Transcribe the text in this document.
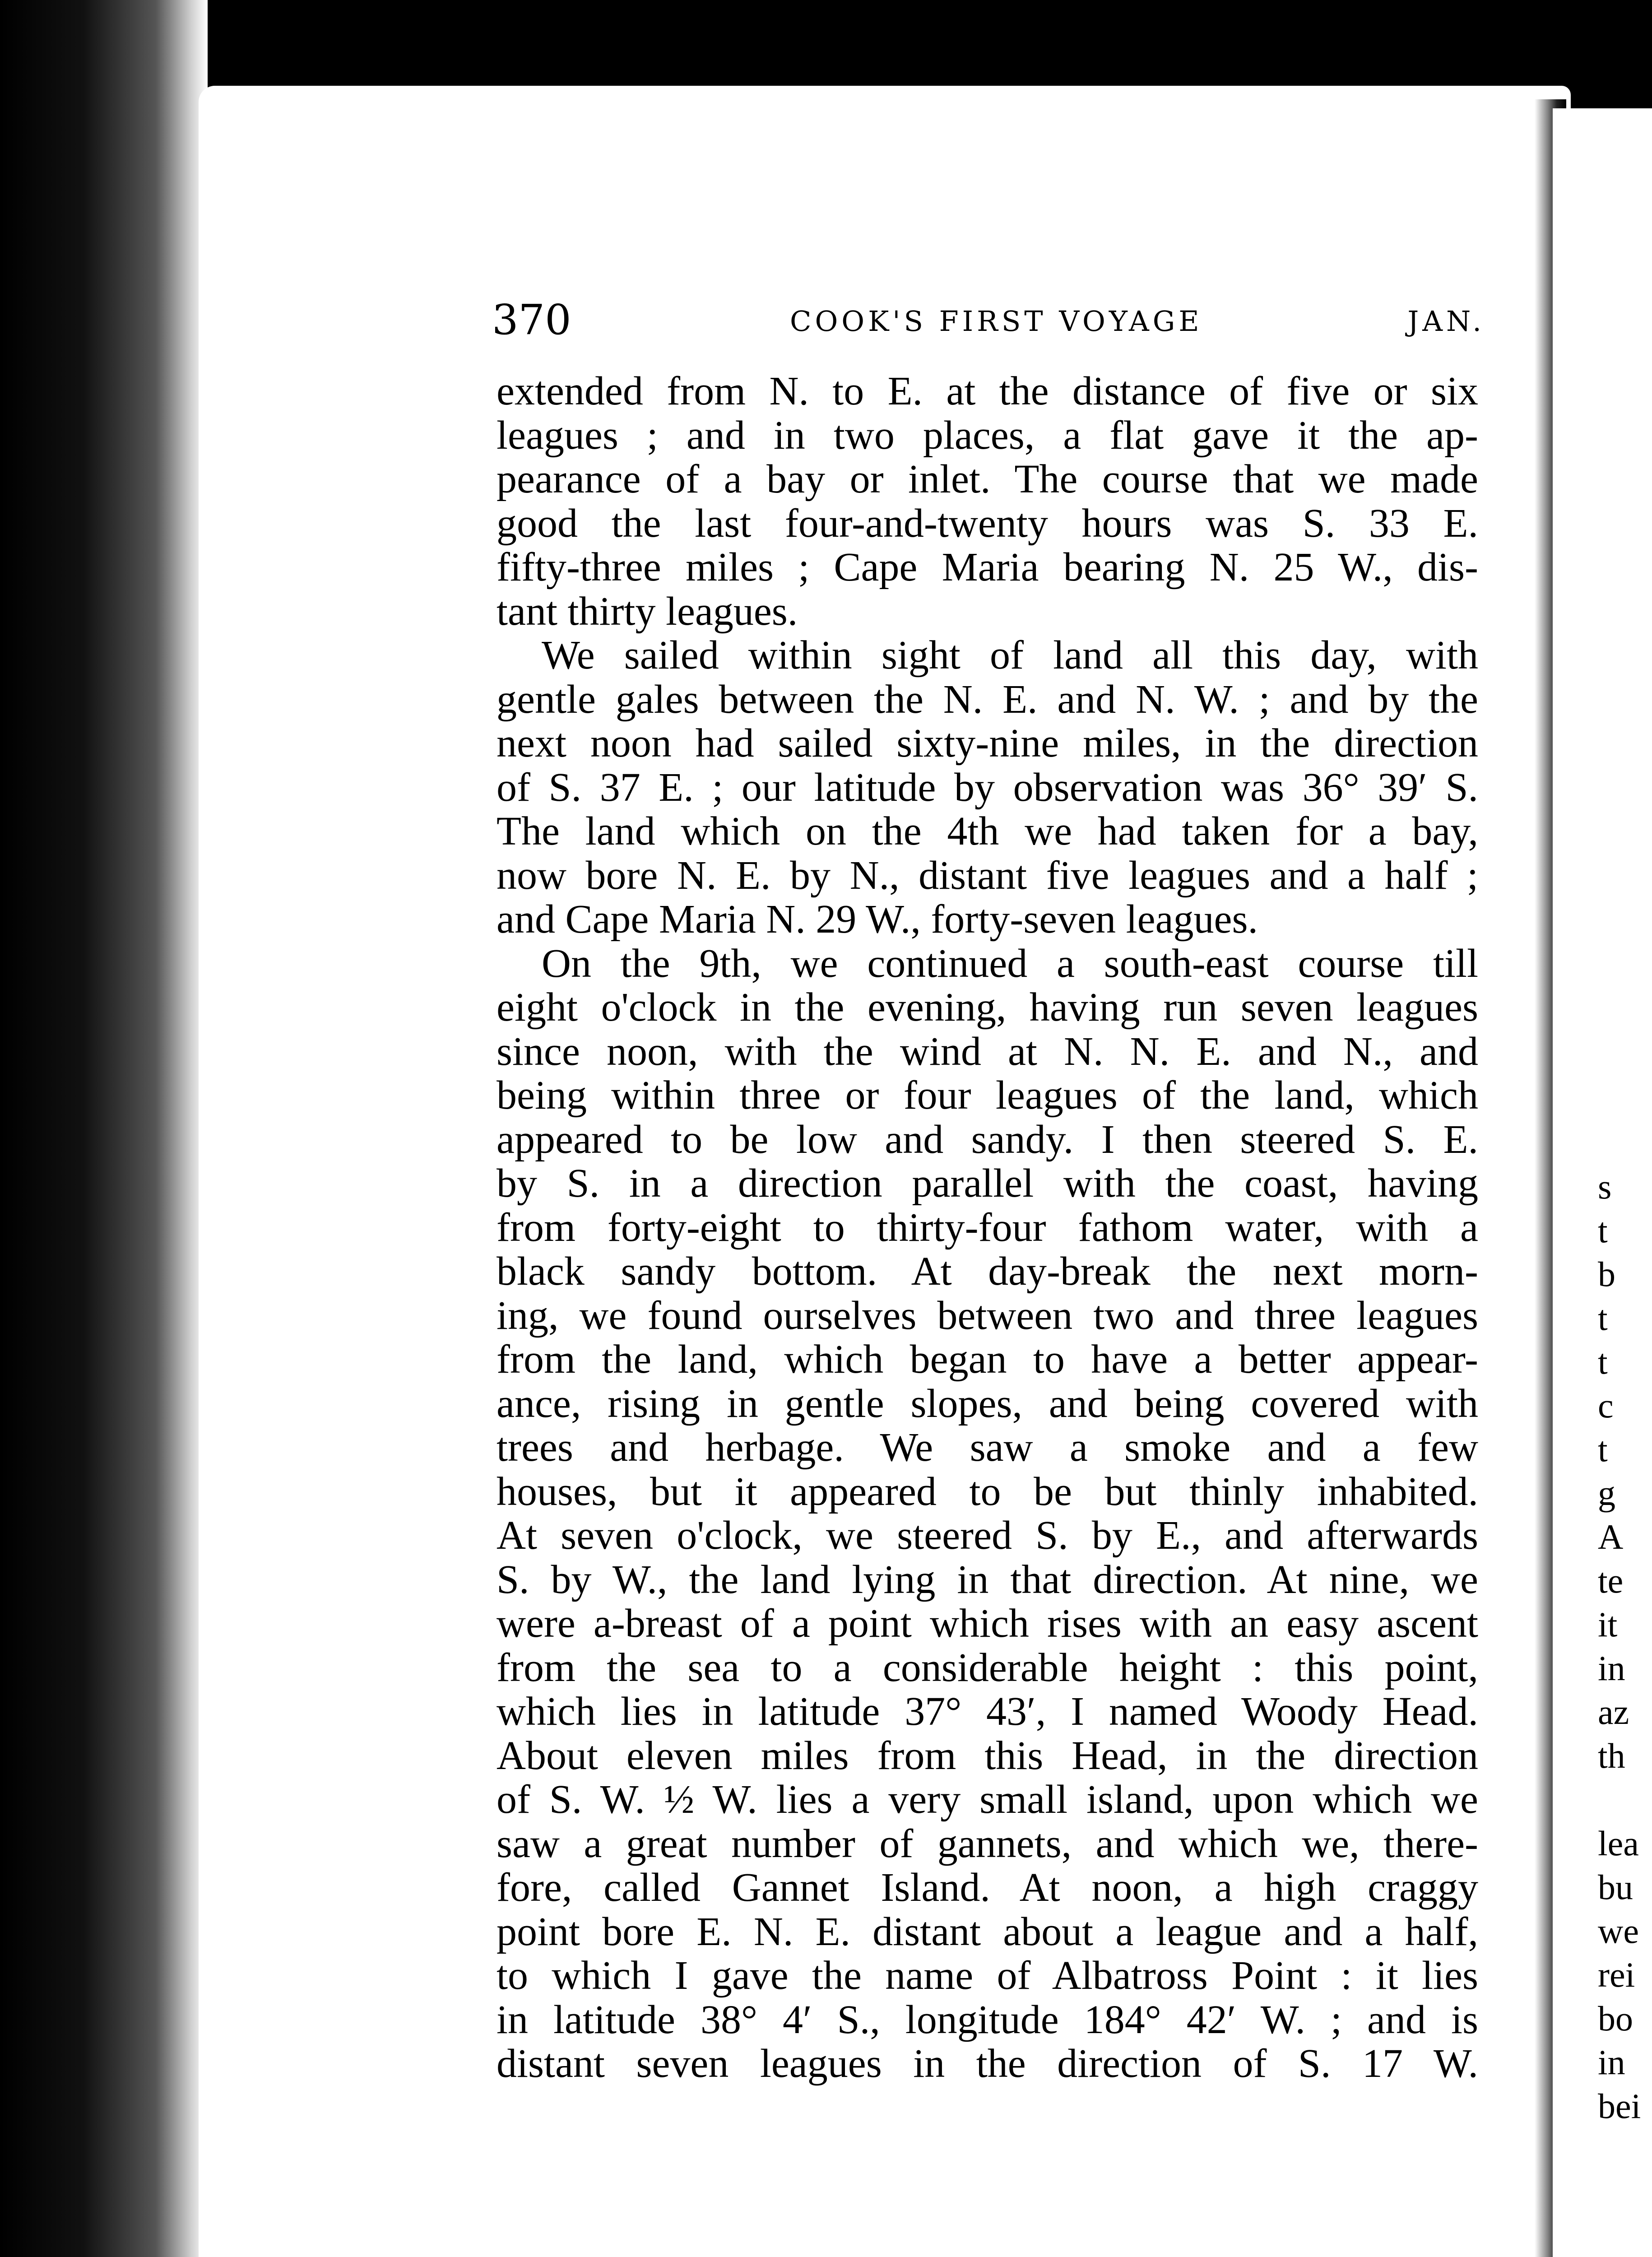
s
t
b
t
t
c
t
g
A
te
it
in
az
th
lea
bu
we
rei
bo
in
bei
370	COOK'S FIRST VOYAGE	JAN.
extended from N. to E. at the distance of five or six
leagues ; and in two places, a flat gave it the ap-
pearance of a bay or inlet. The course that we made
good the last four-and-twenty hours was S. 33 E.
fifty-three miles ; Cape Maria bearing N. 25 W., dis-
tant thirty leagues.
We sailed within sight of land all this day, with
gentle gales between the N. E. and N. W. ; and by the
next noon had sailed sixty-nine miles, in the direction
of S. 37 E. ; our latitude by observation was 36° 39′ S.
The land which on the 4th we had taken for a bay,
now bore N. E. by N., distant five leagues and a half ;
and Cape Maria N. 29 W., forty-seven leagues.
On the 9th, we continued a south-east course till
eight o'clock in the evening, having run seven leagues
since noon, with the wind at N. N. E. and N., and
being within three or four leagues of the land, which
appeared to be low and sandy. I then steered S. E.
by S. in a direction parallel with the coast, having
from forty-eight to thirty-four fathom water, with a
black sandy bottom. At day-break the next morn-
ing, we found ourselves between two and three leagues
from the land, which began to have a better appear-
ance, rising in gentle slopes, and being covered with
trees and herbage. We saw a smoke and a few
houses, but it appeared to be but thinly inhabited.
At seven o'clock, we steered S. by E., and afterwards
S. by W., the land lying in that direction. At nine, we
were a-breast of a point which rises with an easy ascent
from the sea to a considerable height : this point,
which lies in latitude 37° 43′, I named Woody Head.
About eleven miles from this Head, in the direction
of S. W. ½ W. lies a very small island, upon which we
saw a great number of gannets, and which we, there-
fore, called Gannet Island. At noon, a high craggy
point bore E. N. E. distant about a league and a half,
to which I gave the name of Albatross Point : it lies
in latitude 38° 4′ S., longitude 184° 42′ W. ; and is
distant seven leagues in the direction of S. 17 W.
